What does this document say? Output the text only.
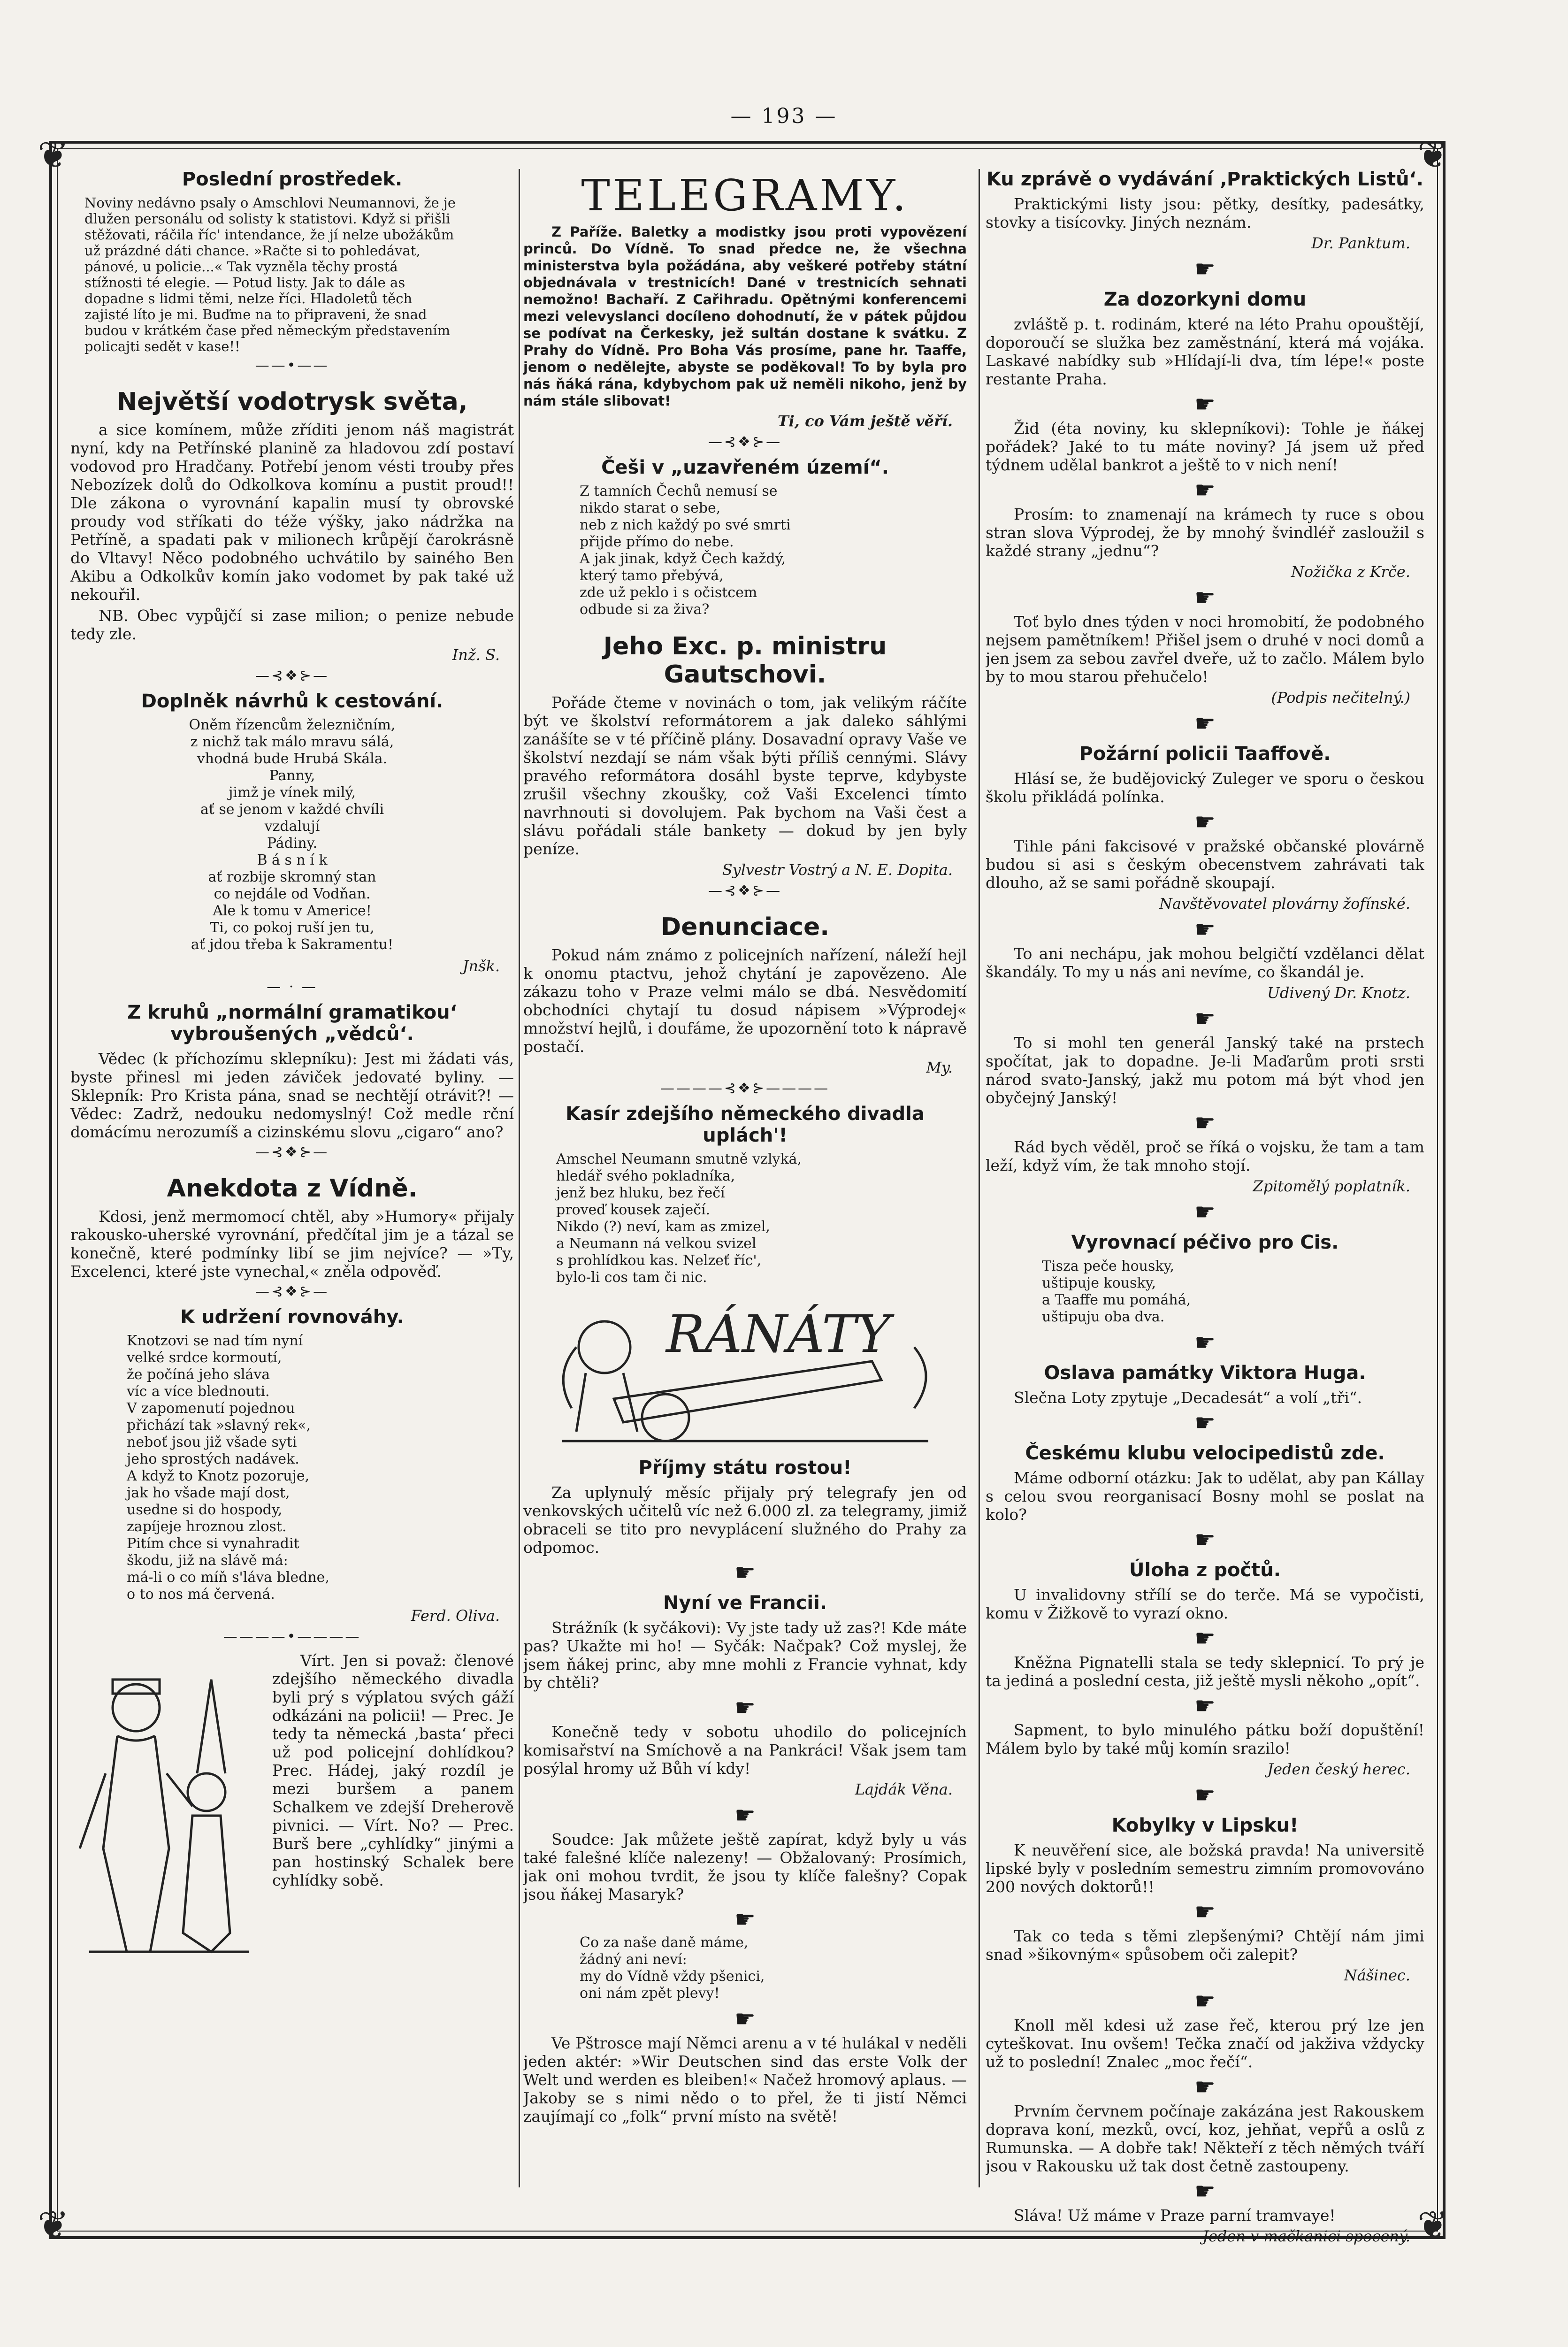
— 193 —
❦	❦
❦	❦
Poslední prostředek.

Noviny nedávno psaly o Amschlovi Neumannovi, že je dlužen personálu od solisty k statistovi. Když si přišli stěžovati, ráčila říc' intendance, že jí nelze ubožákům už prázdné dáti chance. »Račte si to pohledávat, pánové, u policie...« Tak vyzněla těchy prostá stížnosti té elegie. — Potud listy. Jak to dále as dopadne s lidmi těmi, nelze říci. Hladoletů těch zajisté líto je mi. Buďme na to připraveni, že snad budou v krátkém čase před německým představením policajti sedět v kase!!

——•——
Největší vodotrysk světa,

a sice komínem, může zříditi jenom náš magistrát nyní, kdy na Petřínské planině za hladovou zdí postaví vodovod pro Hradčany. Potřebí jenom vésti trouby přes Nebozízek dolů do Odkolkova komínu a pustit proud!! Dle zákona o vyrovnání kapalin musí ty obrovské proudy vod stříkati do téže výšky, jako nádržka na Petříně, a spadati pak v milionech krůpějí čarokrásně do Vltavy! Něco podobného uchvátilo by sainého Ben Akibu a Odkolkův komín jako vodomet by pak také už nekouřil.

NB. Obec vypůjčí si zase milion; o penize nebude tedy zle.

Inž. S.
—⊰❖⊱—
Doplněk návrhů k cestování.
Oněm řízencům železničním,
z nichž tak málo mravu sálá,
vhodná bude Hrubá Skála.
Panny,
jimž je vínek milý,
ať se jenom v každé chvíli
vzdalují
Pádiny.
B á s n í k
ať rozbije skromný stan
co nejdále od Vodňan.
Ale k tomu v Americe!
Ti, co pokoj ruší jen tu,
ať jdou třeba k Sakramentu!
Jnšk.
— · —
Z kruhů „normální gramatikou‘ vybroušených „vědců‘.

Vědec (k příchozímu sklepníku): Jest mi žádati vás, byste přinesl mi jeden záviček jedovaté byliny. — Sklepník: Pro Krista pána, snad se nechtějí otrávit?! — Vědec: Zadrž, nedouku nedomyslný! Což medle rční domácímu nerozumíš a cizinskému slovu „cigaro“ ano?

—⊰❖⊱—
Anekdota z Vídně.

Kdosi, jenž mermomocí chtěl, aby »Humory« přijaly rakousko-uherské vyrovnání, předčítal jim je a tázal se konečně, které podmínky libí se jim nejvíce? — »Ty, Excelenci, které jste vynechal,« zněla odpověď.

—⊰❖⊱—
K udržení rovnováhy.
Knotzovi se nad tím nyní
velké srdce kormoutí,
že počíná jeho sláva
víc a více blednouti.
V zapomenutí pojednou
přichází tak »slavný rek«,
neboť jsou již všade syti
jeho sprostých nadávek.
A když to Knotz pozoruje,
jak ho všade mají dost,
usedne si do hospody,
zapíjeje hroznou zlost.
Pitím chce si vynahradit
škodu, již na slávě má:
má-li o co míň s'láva bledne,
o to nos má červená.
Ferd. Oliva.
————•————

Vírt. Jen si považ: členové zdejšího německého divadla byli prý s výplatou svých gáží odkázáni na policii! — Prec. Je tedy ta německá ‚basta‘ přeci už pod policejní dohlídkou? Prec. Hádej, jaký rozdíl je mezi buršem a panem Schalkem ve zdejší Dreherově pivnici. — Vírt. No? — Prec. Burš bere „cyhlídky“ jinými a pan hostinský Schalek bere cyhlídky sobě.

TELEGRAMY.

Z Paříže. Baletky a modistky jsou proti vypovězení princů. Do Vídně. To snad předce ne, že všechna ministerstva byla požádána, aby veškeré potřeby státní objednávala v trestnicích! Dané v trestnicích sehnati nemožno! Bachaří. Z Cařihradu. Opětnými konferencemi mezi velevyslanci docíleno dohodnutí, že v pátek půjdou se podívat na Čerkesky, jež sultán dostane k svátku. Z Prahy do Vídně. Pro Boha Vás prosíme, pane hr. Taaffe, jenom o nedělejte, abyste se poděkoval! To by byla pro nás ňáká rána, kdybychom pak už neměli nikoho, jenž by nám stále slibovat!

Ti, co Vám ještě věří.
—⊰❖⊱—
Češi v „uzavřeném území“.
Z tamních Čechů nemusí se
nikdo starat o sebe,
neb z nich každý po své smrti
přijde přímo do nebe.
A jak jinak, když Čech každý,
který tamo přebývá,
zde už peklo i s očistcem
odbude si za živa?
Jeho Exc. p. ministru Gautschovi.

Pořáde čteme v novinách o tom, jak velikým ráčíte být ve školství reformátorem a jak daleko sáhlými zanášíte se v té příčině plány. Dosavadní opravy Vaše ve školství nezdají se nám však býti příliš cennými. Slávy pravého reformátora dosáhl byste teprve, kdybyste zrušil všechny zkoušky, což Vaši Excelenci tímto navrhnouti si dovolujem. Pak bychom na Vaši čest a slávu pořádali stále bankety — dokud by jen byly peníze.

Sylvestr Vostrý a N. E. Dopita.
—⊰❖⊱—
Denunciace.

Pokud nám známo z policejních nařízení, náleží hejl k onomu ptactvu, jehož chytání je zapovězeno. Ale zákazu toho v Praze velmi málo se dbá. Nesvědomití obchodníci chytají tu dosud nápisem »Výprodej« množství hejlů, i doufáme, že upozornění toto k nápravě postačí.

My.
————⊰❖⊱————
Kasír zdejšího německého divadla uplách'!
Amschel Neumann smutně vzlyká,
hledář svého pokladníka,
jenž bez hluku, bez řečí
proveď kousek zaječí.
Nikdo (?) neví, kam as zmizel,
a Neumann ná velkou svizel
s prohlídkou kas. Nelzeť říc',
bylo-li cos tam či nic.
RÁNÁTY
Příjmy státu rostou!

Za uplynulý měsíc přijaly prý telegrafy jen od venkovských učitelů víc než 6.000 zl. za telegramy, jimiž obraceli se tito pro nevyplácení služného do Prahy za odpomoc.

☛
Nyní ve Francii.

Strážník (k syčákovi): Vy jste tady už zas?! Kde máte pas? Ukažte mi ho! — Syčák: Načpak? Což myslej, že jsem ňákej princ, aby mne mohli z Francie vyhnat, kdy by chtěli?

☛

Konečně tedy v sobotu uhodilo do policejních komisařství na Smíchově a na Pankráci! Však jsem tam posýlal hromy už Bůh ví kdy!

Lajdák Věna.
☛

Soudce: Jak můžete ještě zapírat, když byly u vás také falešné klíče nalezeny! — Obžalovaný: Prosímich, jak oni mohou tvrdit, že jsou ty klíče falešny? Copak jsou ňákej Masaryk?

☛
Co za naše daně máme,
žádný ani neví:
my do Vídně vždy pšenici,
oni nám zpět plevy!
☛

Ve Pštrosce mají Němci arenu a v té hulákal v neděli jeden aktér: »Wir Deutschen sind das erste Volk der Welt und werden es bleiben!« Načež hromový aplaus. — Jakoby se s nimi nědo o to přel, že ti jistí Němci zaujímají co „folk“ první místo na světě!

Ku zprávě o vydávání ‚Praktických Listů‘.

Praktickými listy jsou: pětky, desítky, padesátky, stovky a tisícovky. Jiných neznám.

Dr. Panktum.
☛
Za dozorkyni domu

zvláště p. t. rodinám, které na léto Prahu opouštějí, doporoučí se služka bez zaměstnání, která má vojáka. Laskavé nabídky sub »Hlídají-li dva, tím lépe!« poste restante Praha.

☛

Žid (éta noviny, ku sklepníkovi): Tohle je ňákej pořádek? Jaké to tu máte noviny? Já jsem už před týdnem udělal bankrot a ještě to v nich není!

☛

Prosím: to znamenají na krámech ty ruce s obou stran slova Výprodej, že by mnohý švindléř zasloužil s každé strany „jednu“?

Nožička z Krče.
☛

Toť bylo dnes týden v noci hromobití, že podobného nejsem pamětníkem! Přišel jsem o druhé v noci domů a jen jsem za sebou zavřel dveře, už to začlo. Málem bylo by to mou starou přehučelo!

(Podpis nečitelný.)
☛
Požární policii Taaffově.

Hlásí se, že budějovický Zuleger ve sporu o českou školu přikládá polínka.

☛

Tihle páni fakcisové v pražské občanské plovárně budou si asi s českým obecenstvem zahrávati tak dlouho, až se sami pořádně skoupají.

Navštěvovatel plovárny žofínské.
☛

To ani nechápu, jak mohou belgičtí vzdělanci dělat škandály. To my u nás ani nevíme, co škandál je.

Udivený Dr. Knotz.
☛

To si mohl ten generál Janský také na prstech spočítat, jak to dopadne. Je-li Maďarům proti srsti národ svato-Janský, jakž mu potom má být vhod jen obyčejný Janský!

☛

Rád bych věděl, proč se říká o vojsku, že tam a tam leží, když vím, že tak mnoho stojí.

Zpitomělý poplatník.
☛
Vyrovnací péčivo pro Cis.
Tisza peče housky,
uštipuje kousky,
a Taaffe mu pomáhá,
uštipuju oba dva.
☛
Oslava památky Viktora Huga.

Slečna Loty zpytuje „Decadesát“ a volí „tři“.

☛
Českému klubu velocipedistů zde.

Máme odborní otázku: Jak to udělat, aby pan Kállay s celou svou reorganisací Bosny mohl se poslat na kolo?

☛
Úloha z počtů.

U invalidovny střílí se do terče. Má se vypočisti, komu v Žižkově to vyrazí okno.

☛

Kněžna Pignatelli stala se tedy sklepnicí. To prý je ta jediná a poslední cesta, již ještě mysli někoho „opít“.

☛

Sapment, to bylo minulého pátku boží dopuštění! Málem bylo by také můj komín srazilo!

Jeden český herec.
☛
Kobylky v Lipsku!

K neuvěření sice, ale božská pravda! Na universitě lipské byly v posledním semestru zimním promovováno 200 nových doktorů!!

☛

Tak co teda s těmi zlepšenými? Chtějí nám jimi snad »šikovným« spůsobem oči zalepit?

Nášinec.
☛

Knoll měl kdesi už zase řeč, kterou prý lze jen cyteškovat. Inu ovšem! Tečka značí od jakživa vždycky už to poslední! Znalec „moc řečí“.

☛

Prvním červnem počínaje zakázána jest Rakouskem doprava koní, mezků, ovcí, koz, jehňat, vepřů a oslů z Rumunska. — A dobře tak! Někteří z těch němých tváří jsou v Rakousku už tak dost četně zastoupeny.

☛

Sláva! Už máme v Praze parní tramvaye!

Jeden v mačkanici spocený.
